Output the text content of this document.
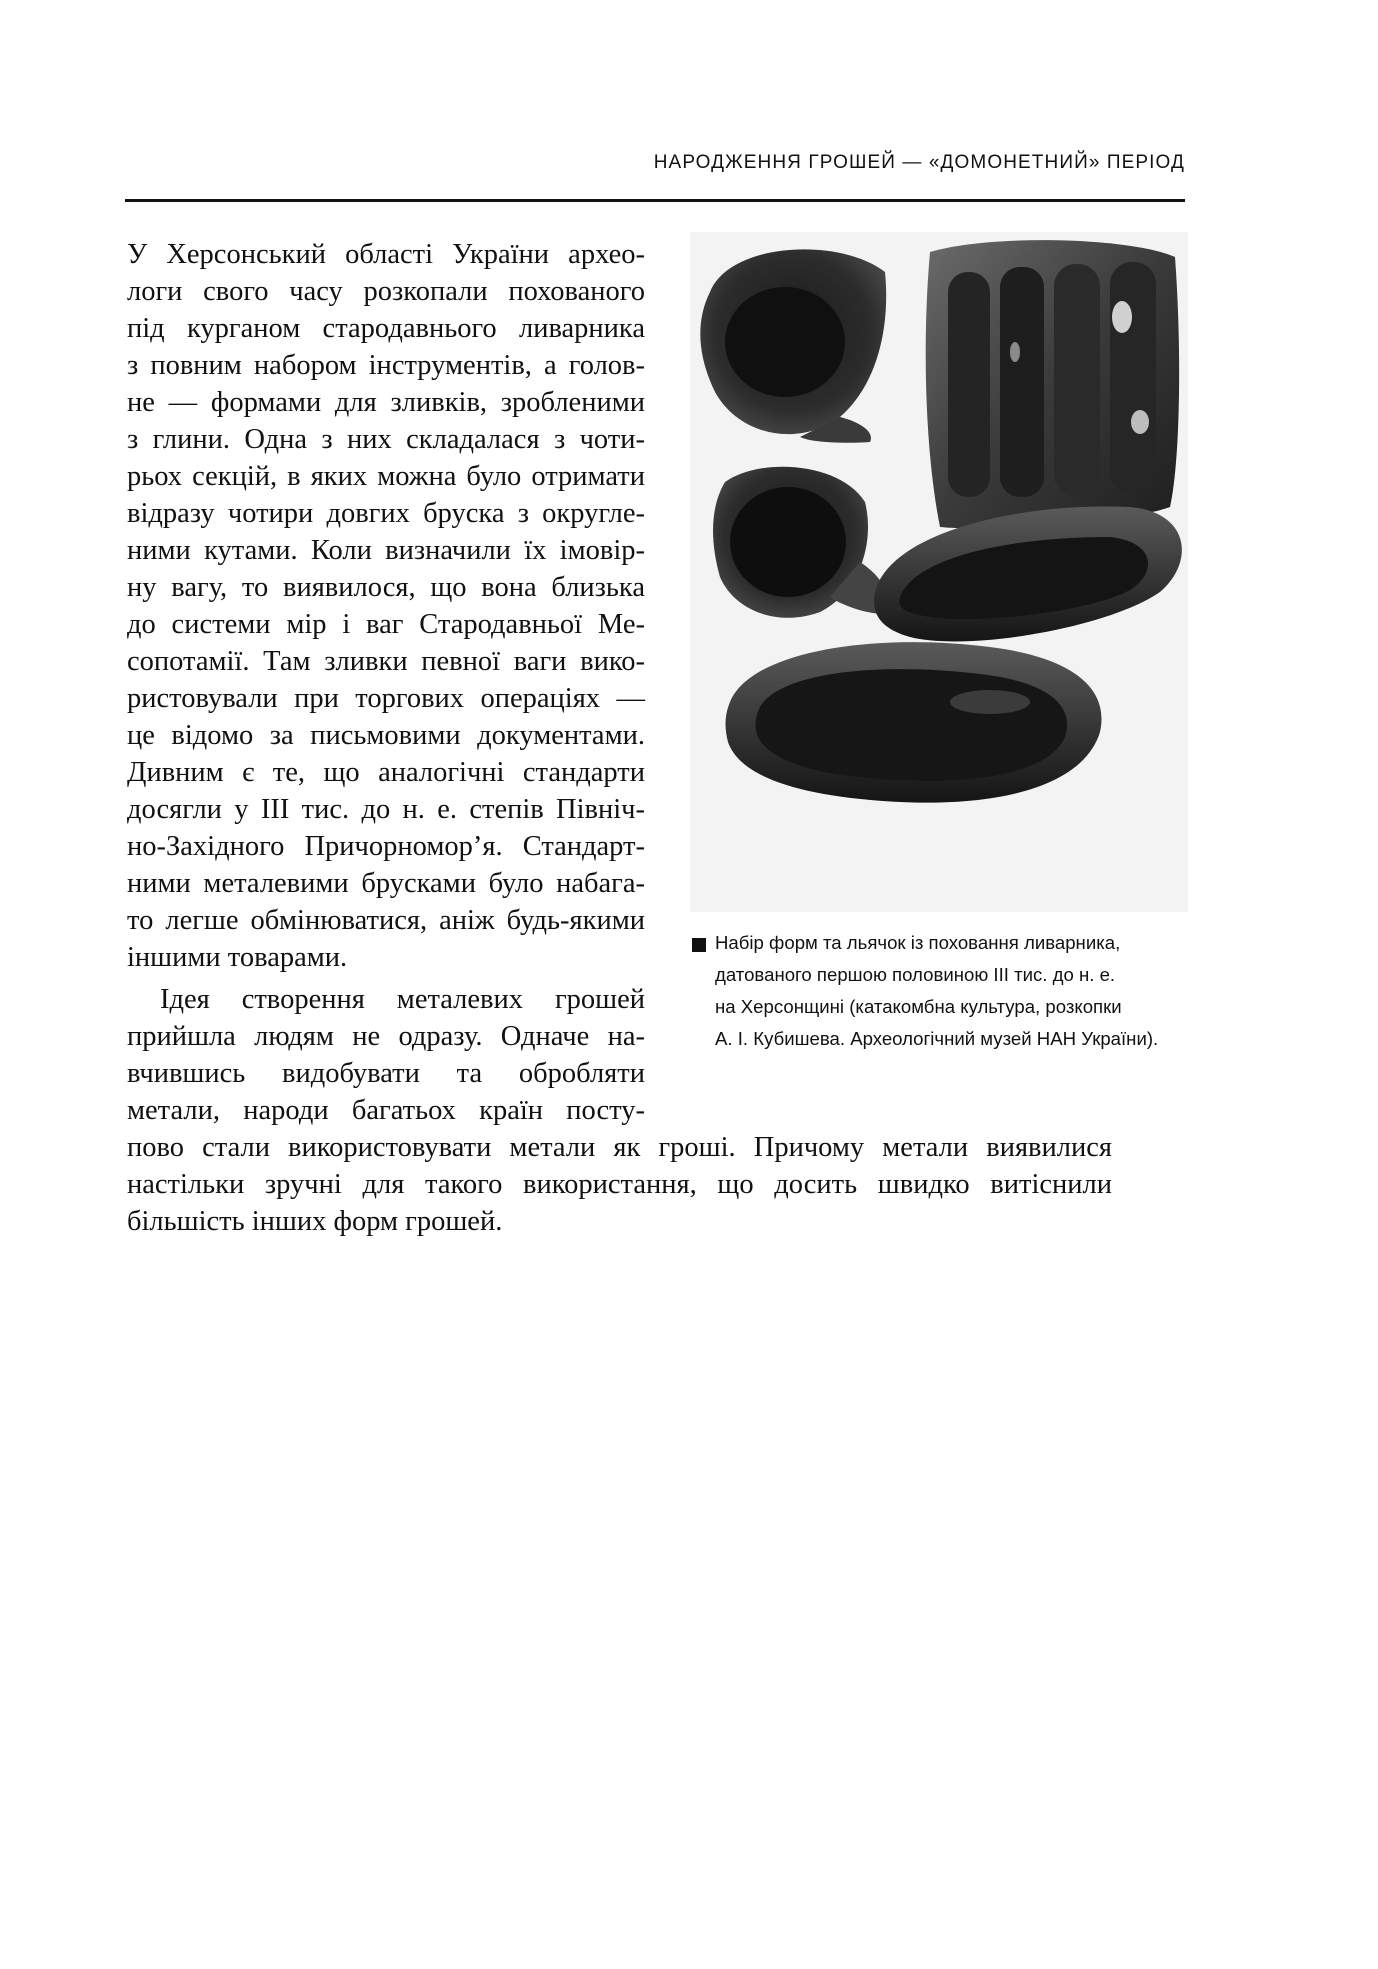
НАРОДЖЕННЯ ГРОШЕЙ — «ДОМОНЕТНИЙ» ПЕРІОД
У Херсонський області України архео-
логи свого часу розкопали похованого
під курганом стародавнього ливарника
з повним набором інструментів, а голов-
не — формами для зливків, зробленими
з глини. Одна з них складалася з чоти-
рьох секцій, в яких можна було отримати
відразу чотири довгих бруска з округле-
ними кутами. Коли визначили їх імовір-
ну вагу, то виявилося, що вона близька
до системи мір і ваг Стародавньої Ме-
сопотамії. Там зливки певної ваги вико-
ристовували при торгових операціях —
це відомо за письмовими документами.
Дивним є те, що аналогічні стандарти
досягли у ІІІ тис. до н. е. степів Північ-
но-Західного Причорномор’я. Стандарт-
ними металевими брусками було набага-
то легше обмінюватися, аніж будь-якими
іншими товарами.
Ідея створення металевих грошей
прийшла людям не одразу. Одначе на-
вчившись видобувати та обробляти
метали, народи багатьох країн посту-
пово стали використовувати метали як гроші. Причому метали виявилися
настільки зручні для такого використання, що досить швидко витіснили
більшість інших форм грошей.
Набір форм та льячок із поховання ливарника,
датованого першою половиною ІІІ тис. до н. е.
на Херсонщині (катакомбна культура, розкопки
А. І. Кубишева. Археологічний музей НАН України).
